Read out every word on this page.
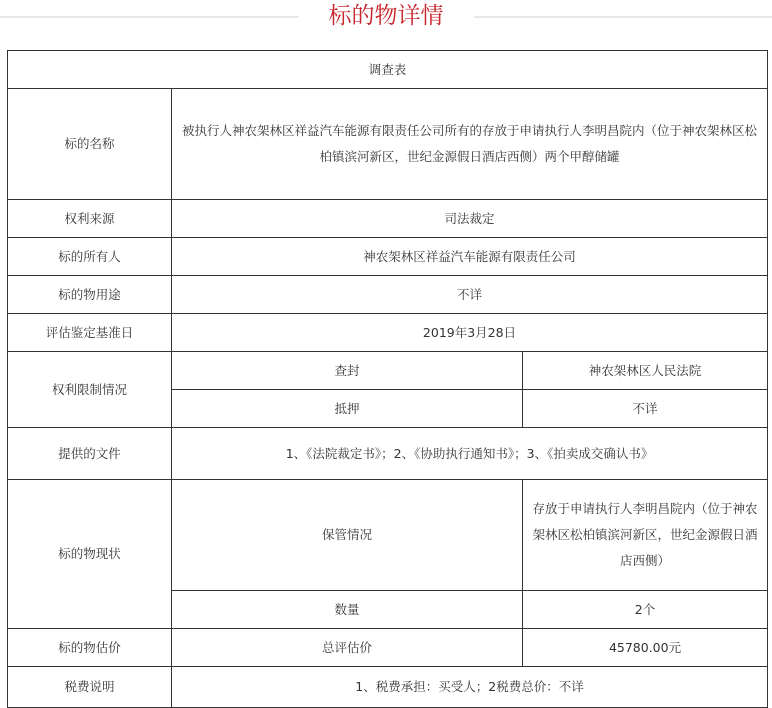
标的物详情
调查表		
标的名称	被执行人神农架林区祥益汽车能源有限责任公司所有的存放于申请执行人李明昌院内（位于神农架林区松柏镇滨河新区，世纪金源假日酒店西侧）两个甲醇储罐	
权利来源	司法裁定	
标的所有人	神农架林区祥益汽车能源有限责任公司	
标的物用途	不详	
评估鉴定基准日	2019年3月28日	
权利限制情况	查封	神农架林区人民法院
	抵押	不详
提供的文件	1、《法院裁定书》；2、《协助执行通知书》；3、《拍卖成交确认书》	
标的物现状	保管情况	存放于申请执行人李明昌院内（位于神农架林区松柏镇滨河新区，世纪金源假日酒店西侧）
	数量	2个
标的物估价	总评估价	45780.00元
税费说明	1、税费承担：买受人；2税费总价：不详	
